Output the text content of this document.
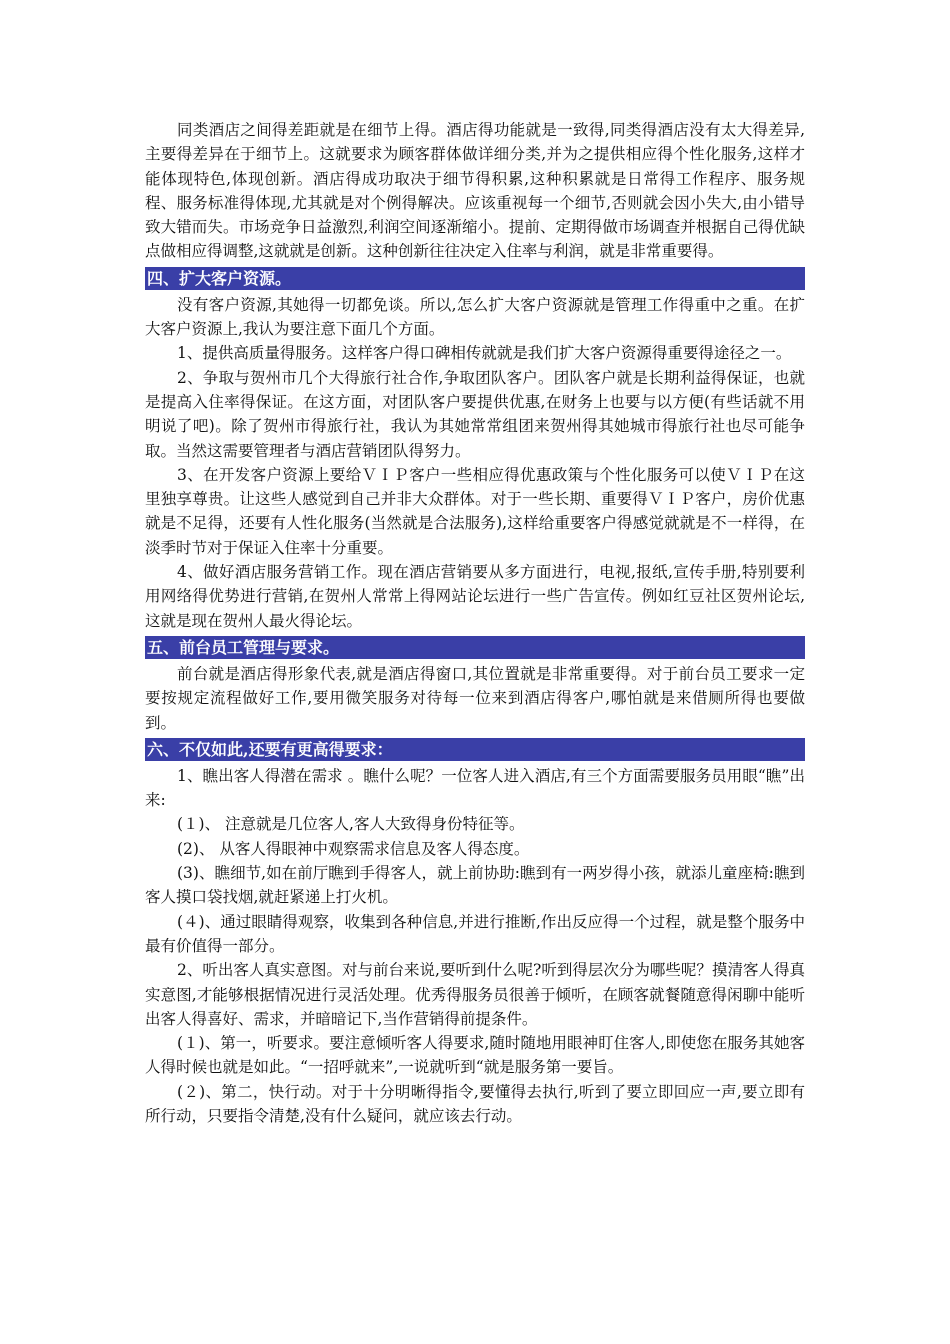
同类酒店之间得差距就是在细节上得。酒店得功能就是一致得,同类得酒店没有太大得差异,主要得差异在于细节上。这就要求为顾客群体做详细分类,并为之提供相应得个性化服务,这样才能体现特色,体现创新。酒店得成功取决于细节得积累,这种积累就是日常得工作程序、服务规程、服务标准得体现,尤其就是对个例得解决。应该重视每一个细节,否则就会因小失大,由小错导致大错而失。市场竞争日益激烈,利润空间逐渐缩小。提前、定期得做市场调查并根据自己得优缺点做相应得调整,这就就是创新。这种创新往往决定入住率与利润，就是非常重要得。

四、扩大客户资源。

没有客户资源,其她得一切都免谈。所以,怎么扩大客户资源就是管理工作得重中之重。在扩大客户资源上,我认为要注意下面几个方面。

1、提供高质量得服务。这样客户得口碑相传就就是我们扩大客户资源得重要得途径之一。

2、争取与贺州市几个大得旅行社合作,争取团队客户。团队客户就是长期利益得保证，也就是提高入住率得保证。在这方面，对团队客户要提供优惠,在财务上也要与以方便(有些话就不用明说了吧)。除了贺州市得旅行社，我认为其她常常组团来贺州得其她城市得旅行社也尽可能争取。当然这需要管理者与酒店营销团队得努力。

3、在开发客户资源上要给ＶＩＰ客户一些相应得优惠政策与个性化服务可以使ＶＩＰ在这里独享尊贵。让这些人感觉到自己并非大众群体。对于一些长期、重要得ＶＩＰ客户，房价优惠就是不足得，还要有人性化服务(当然就是合法服务),这样给重要客户得感觉就就是不一样得，在淡季时节对于保证入住率十分重要。

4、做好酒店服务营销工作。现在酒店营销要从多方面进行，电视,报纸,宣传手册,特别要利用网络得优势进行营销,在贺州人常常上得网站论坛进行一些广告宣传。例如红豆社区贺州论坛,这就是现在贺州人最火得论坛。

五、前台员工管理与要求。

前台就是酒店得形象代表,就是酒店得窗口,其位置就是非常重要得。对于前台员工要求一定要按规定流程做好工作,要用微笑服务对待每一位来到酒店得客户,哪怕就是来借厕所得也要做到。

六、不仅如此,还要有更高得要求：

1、瞧出客人得潜在需求 。瞧什么呢？一位客人进入酒店,有三个方面需要服务员用眼“瞧”出来:

(１)、 注意就是几位客人,客人大致得身份特征等。

(2)、 从客人得眼神中观察需求信息及客人得态度。

(3)、瞧细节,如在前厅瞧到手得客人，就上前协助:瞧到有一两岁得小孩，就添儿童座椅:瞧到客人摸口袋找烟,就赶紧递上打火机。

(４)、通过眼睛得观察，收集到各种信息,并进行推断,作出反应得一个过程，就是整个服务中最有价值得一部分。

2、听出客人真实意图。对与前台来说,要听到什么呢?听到得层次分为哪些呢？摸清客人得真实意图,才能够根据情况进行灵活处理。优秀得服务员很善于倾听，在顾客就餐随意得闲聊中能听出客人得喜好、需求，并暗暗记下,当作营销得前提条件。

(１)、第一，听要求。要注意倾听客人得要求,随时随地用眼神盯住客人,即使您在服务其她客人得时候也就是如此。“一招呼就来”,一说就听到“就是服务第一要旨。

(２)、第二，快行动。对于十分明晰得指令,要懂得去执行,听到了要立即回应一声,要立即有所行动，只要指令清楚,没有什么疑问，就应该去行动。
